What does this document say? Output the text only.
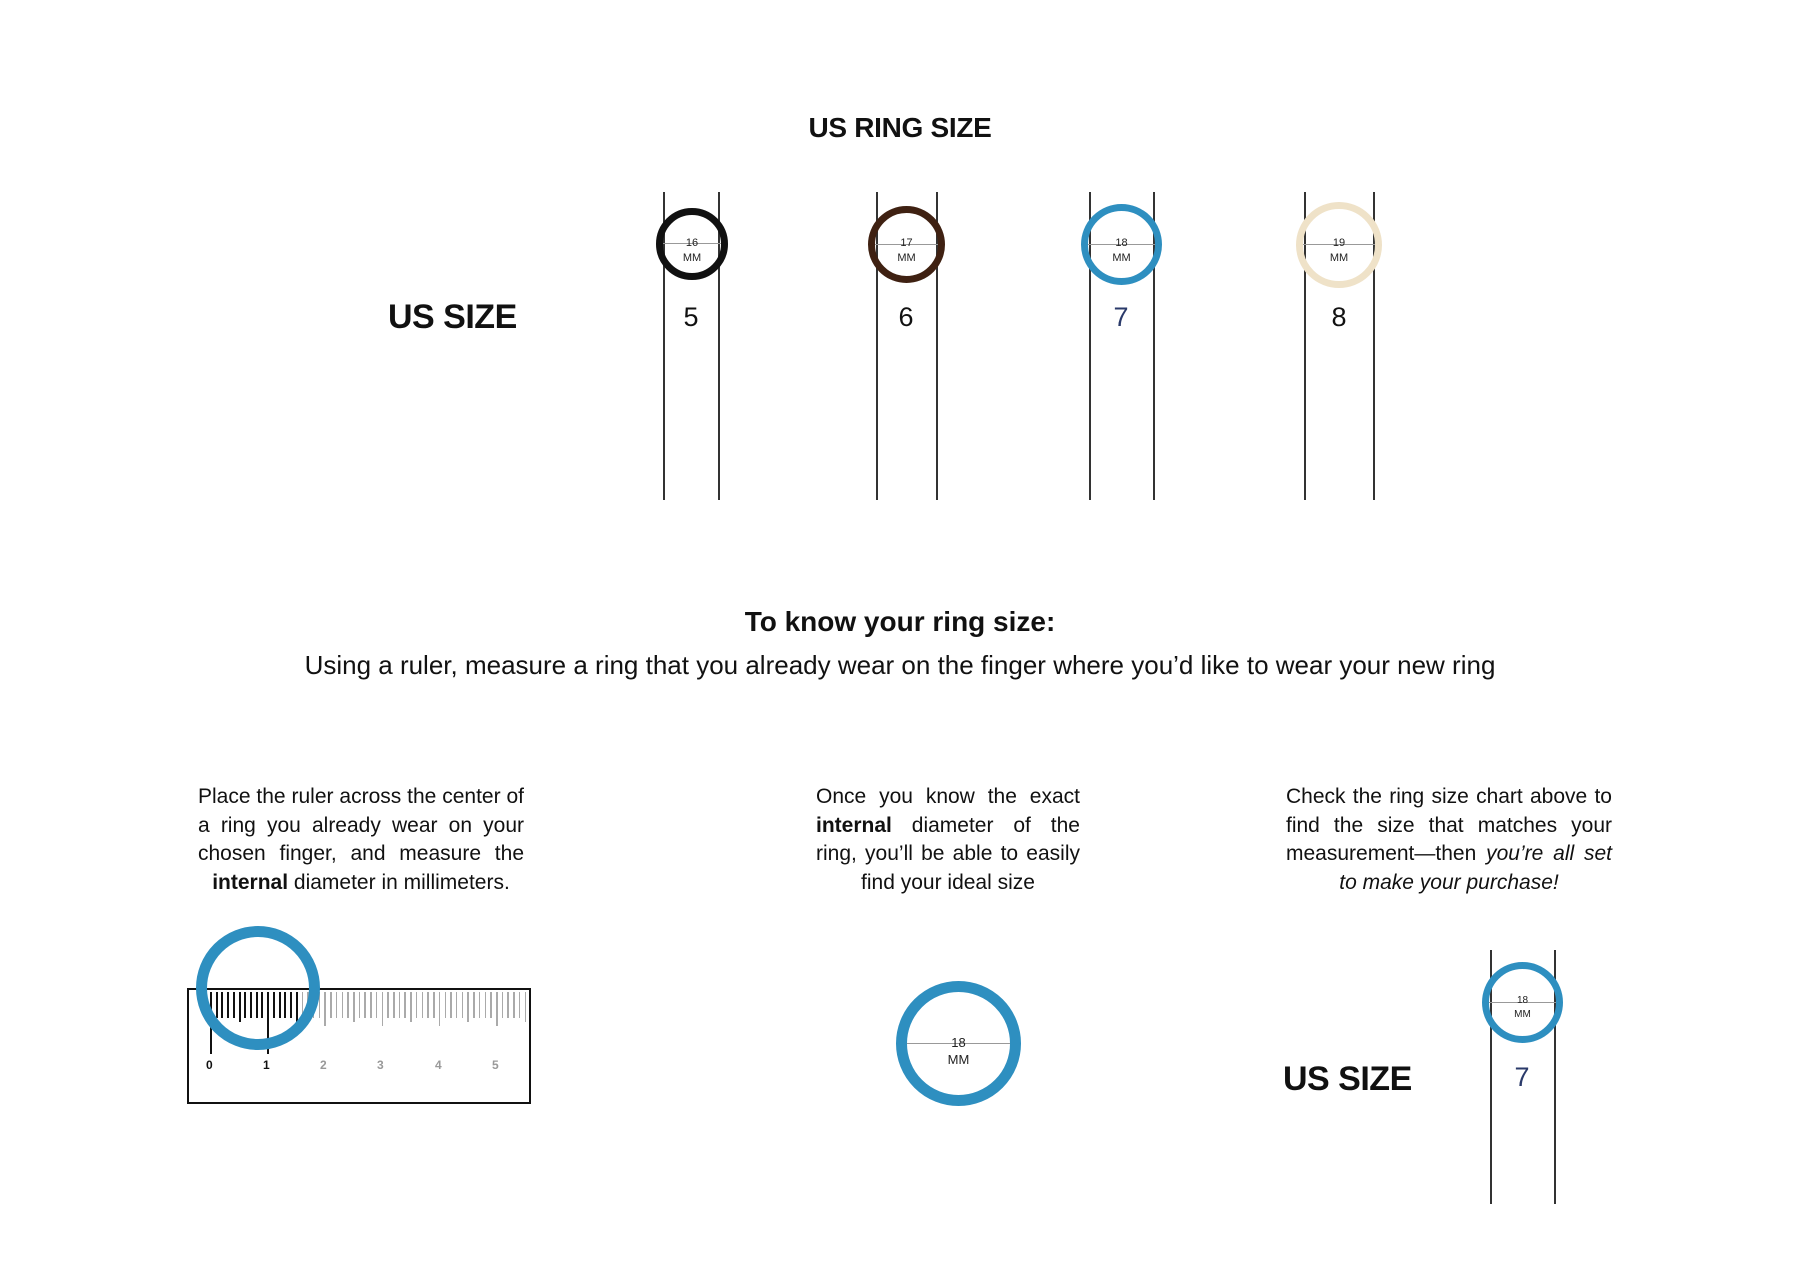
US RING SIZE
US SIZE
16
MM
5
17
MM
6
18
MM
7
19
MM
8
To know your ring size:
Using a ruler, measure a ring that you already wear on the finger where you’d like to wear your new ring
Place the ruler across the center of a ring you already wear on your chosen finger, and measure the internal diameter in millimeters.
Once you know the exact internal diameter of the ring, you’ll be able to easily find your ideal size
Check the ring size chart above to find the size that matches your measurement—then you’re all set to make your purchase!
0	1	2	3	4	5
18
MM
US SIZE
18
MM
7
